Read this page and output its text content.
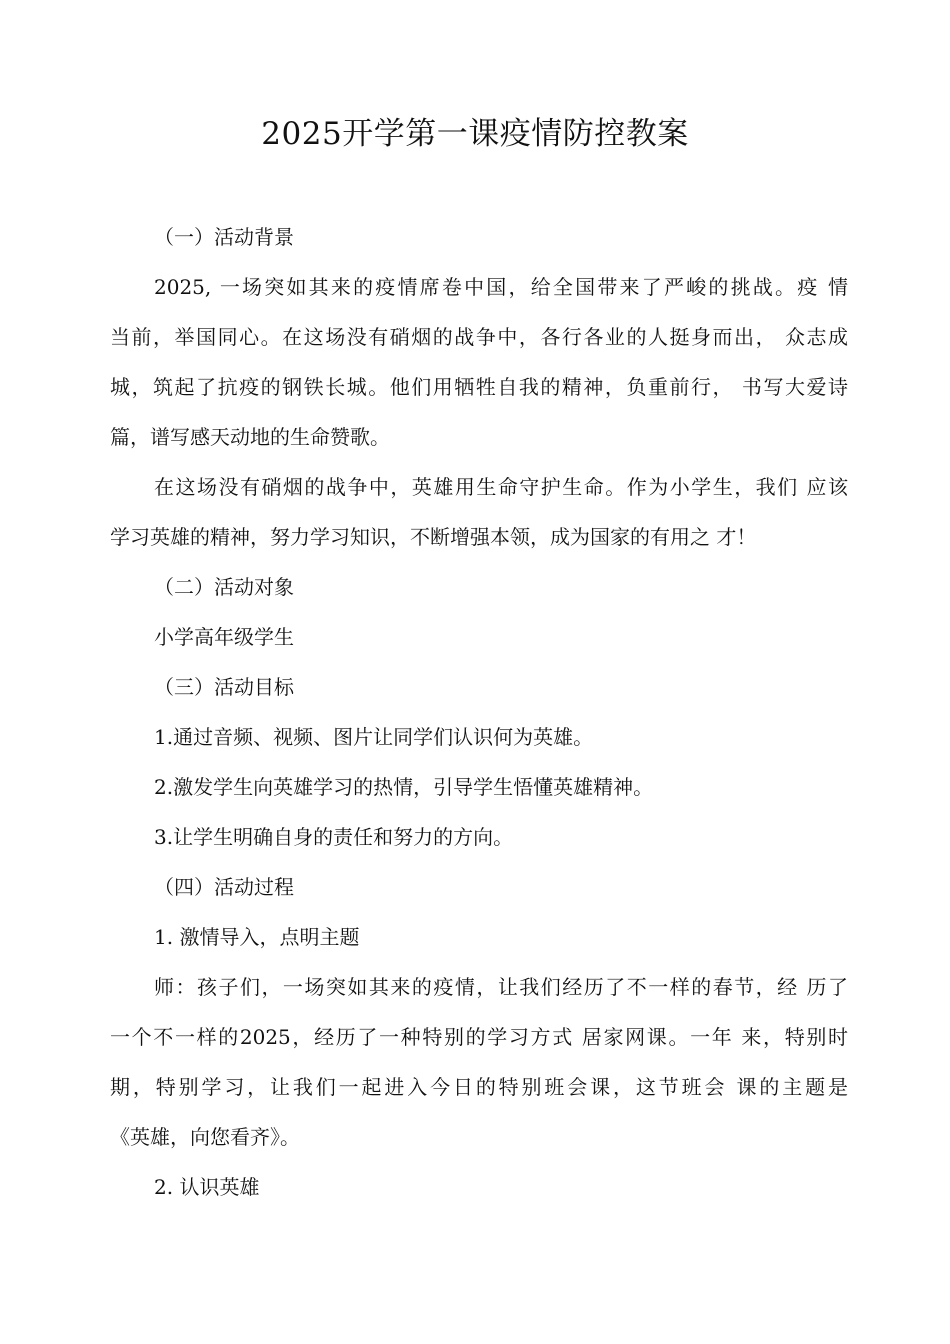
2025开学第一课疫情防控教案
（一）活动背景
2025, 一场突如其来的疫情席卷中国，给全国带来了严峻的挑战。疫 情
当前，举国同心。在这场没有硝烟的战争中，各行各业的人挺身而出， 众志成
城，筑起了抗疫的钢铁长城。他们用牺牲自我的精神，负重前行， 书写大爱诗
篇，谱写感天动地的生命赞歌。
在这场没有硝烟的战争中，英雄用生命守护生命。作为小学生，我们 应该
学习英雄的精神，努力学习知识，不断增强本领，成为国家的有用之 才！
（二）活动对象
小学高年级学生
（三）活动目标
1.通过音频、视频、图片让同学们认识何为英雄。
2.激发学生向英雄学习的热情，引导学生悟懂英雄精神。
3.让学生明确自身的责任和努力的方向。
（四）活动过程
1. 激情导入，点明主题
师：孩子们，一场突如其来的疫情，让我们经历了不一样的春节，经 历了
一个不一样的2025，经历了一种特别的学习方式 居家网课。一年 来，特别时
期，特别学习，让我们一起进入今日的特别班会课，这节班会 课的主题是
《英雄，向您看齐》。
2. 认识英雄
